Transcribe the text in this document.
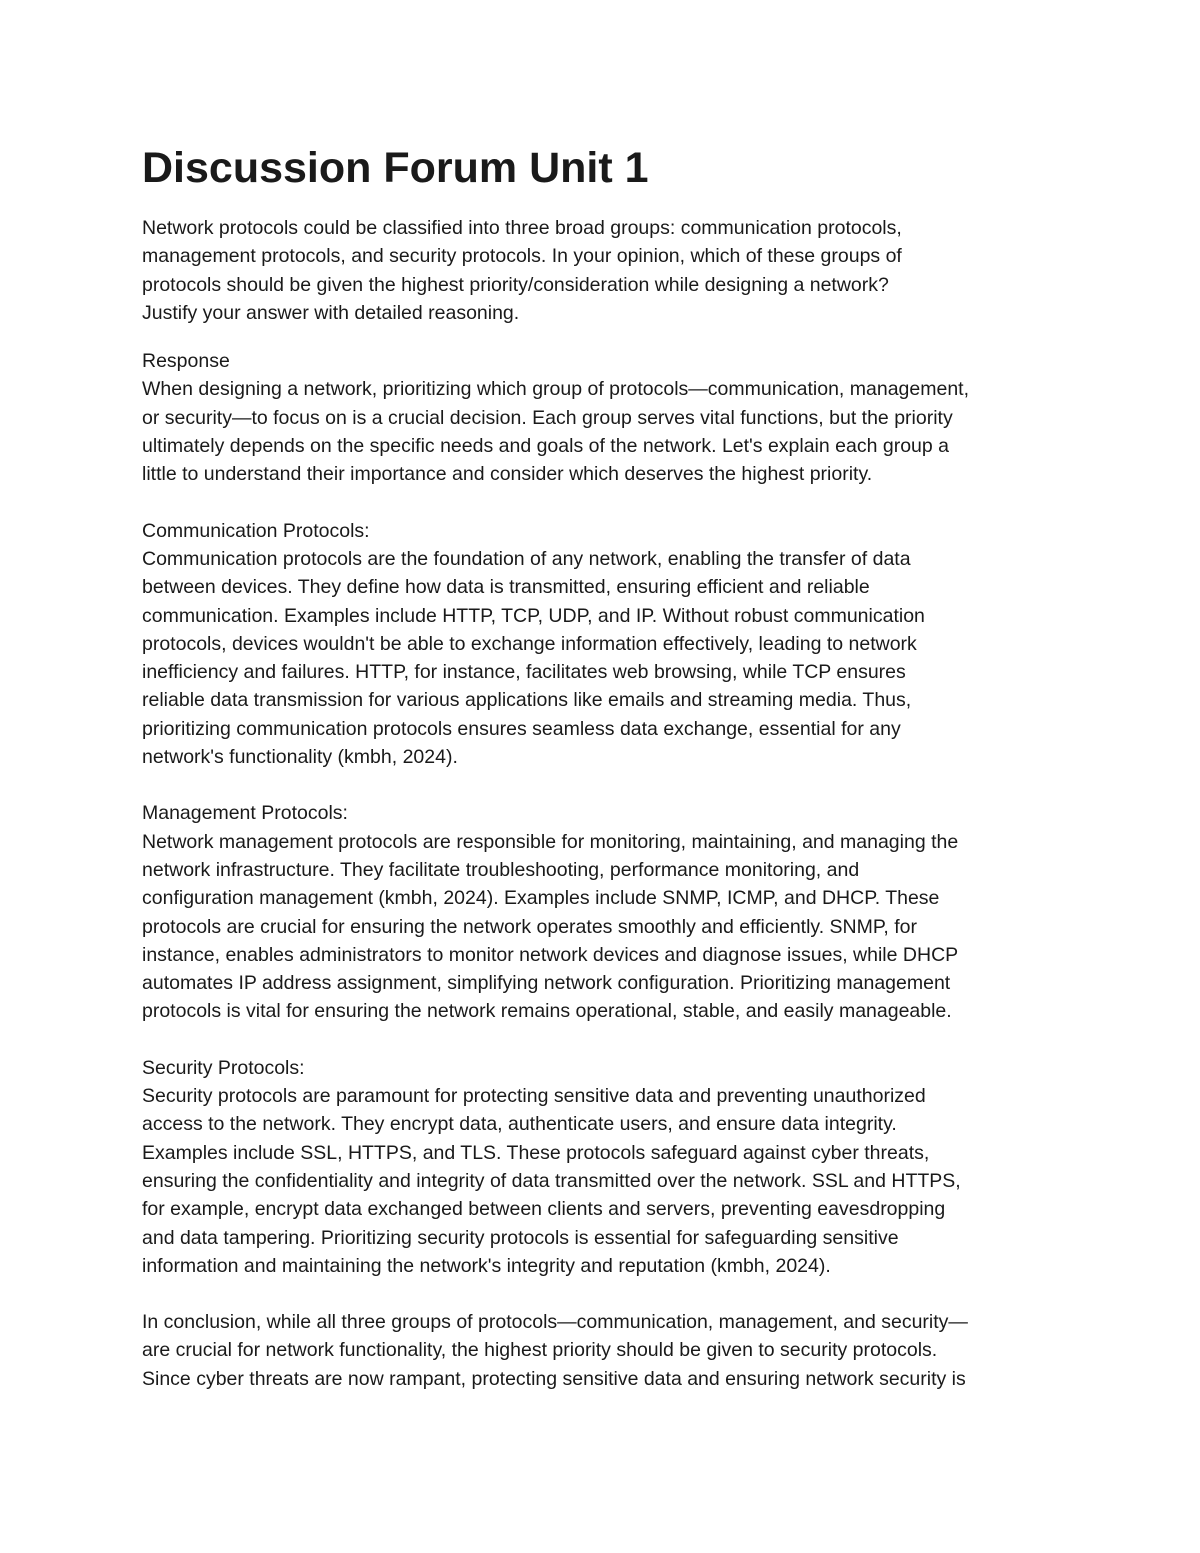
Discussion Forum Unit 1

Network protocols could be classified into three broad groups: communication protocols,
management protocols, and security protocols. In your opinion, which of these groups of
protocols should be given the highest priority/consideration while designing a network?
Justify your answer with detailed reasoning.

Response

When designing a network, prioritizing which group of protocols—communication, management,
or security—to focus on is a crucial decision. Each group serves vital functions, but the priority
ultimately depends on the specific needs and goals of the network. Let's explain each group a
little to understand their importance and consider which deserves the highest priority.

Communication Protocols:

Communication protocols are the foundation of any network, enabling the transfer of data
between devices. They define how data is transmitted, ensuring efficient and reliable
communication. Examples include HTTP, TCP, UDP, and IP. Without robust communication
protocols, devices wouldn't be able to exchange information effectively, leading to network
inefficiency and failures. HTTP, for instance, facilitates web browsing, while TCP ensures
reliable data transmission for various applications like emails and streaming media. Thus,
prioritizing communication protocols ensures seamless data exchange, essential for any
network's functionality (kmbh, 2024).

Management Protocols:

Network management protocols are responsible for monitoring, maintaining, and managing the
network infrastructure. They facilitate troubleshooting, performance monitoring, and
configuration management (kmbh, 2024). Examples include SNMP, ICMP, and DHCP. These
protocols are crucial for ensuring the network operates smoothly and efficiently. SNMP, for
instance, enables administrators to monitor network devices and diagnose issues, while DHCP
automates IP address assignment, simplifying network configuration. Prioritizing management
protocols is vital for ensuring the network remains operational, stable, and easily manageable.

Security Protocols:

Security protocols are paramount for protecting sensitive data and preventing unauthorized
access to the network. They encrypt data, authenticate users, and ensure data integrity.
Examples include SSL, HTTPS, and TLS. These protocols safeguard against cyber threats,
ensuring the confidentiality and integrity of data transmitted over the network. SSL and HTTPS,
for example, encrypt data exchanged between clients and servers, preventing eavesdropping
and data tampering. Prioritizing security protocols is essential for safeguarding sensitive
information and maintaining the network's integrity and reputation (kmbh, 2024).

In conclusion, while all three groups of protocols—communication, management, and security—
are crucial for network functionality, the highest priority should be given to security protocols.
Since cyber threats are now rampant, protecting sensitive data and ensuring network security is
